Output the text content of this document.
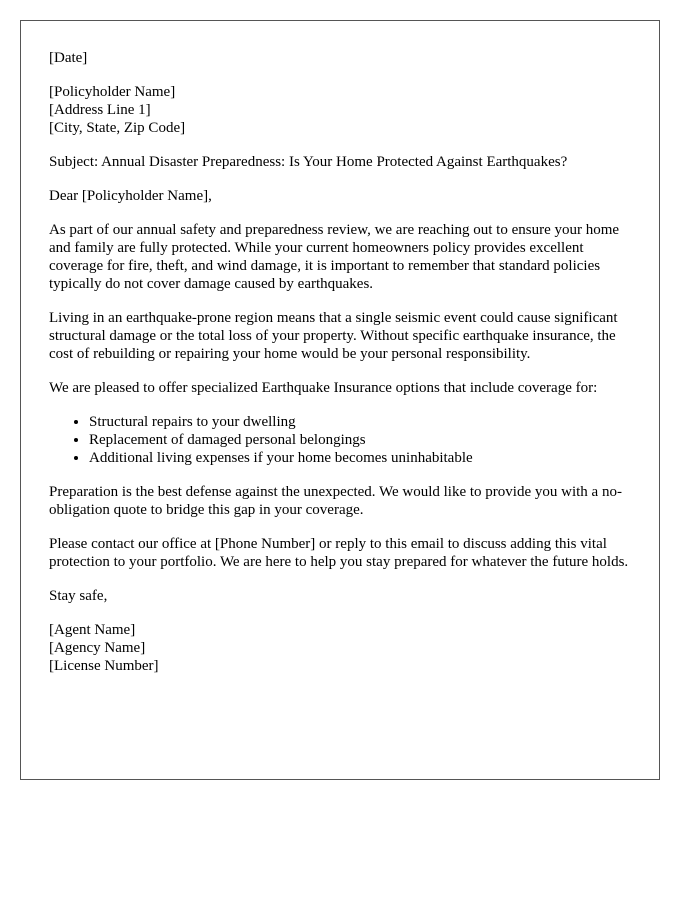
[Date]
[Policyholder Name]
[Address Line 1]
[City, State, Zip Code]

Subject: Annual Disaster Preparedness: Is Your Home Protected Against Earthquakes?

Dear [Policyholder Name],

As part of our annual safety and preparedness review, we are reaching out to ensure your home and family are fully protected. While your current homeowners policy provides excellent coverage for fire, theft, and wind damage, it is important to remember that standard policies typically do not cover damage caused by earthquakes.

Living in an earthquake-prone region means that a single seismic event could cause significant structural damage or the total loss of your property. Without specific earthquake insurance, the cost of rebuilding or repairing your home would be your personal responsibility.

We are pleased to offer specialized Earthquake Insurance options that include coverage for:

• Structural repairs to your dwelling
• Replacement of damaged personal belongings
• Additional living expenses if your home becomes uninhabitable

Preparation is the best defense against the unexpected. We would like to provide you with a no-obligation quote to bridge this gap in your coverage.

Please contact our office at [Phone Number] or reply to this email to discuss adding this vital protection to your portfolio. We are here to help you stay prepared for whatever the future holds.

Stay safe,

[Agent Name]
[Agency Name]
[License Number]
